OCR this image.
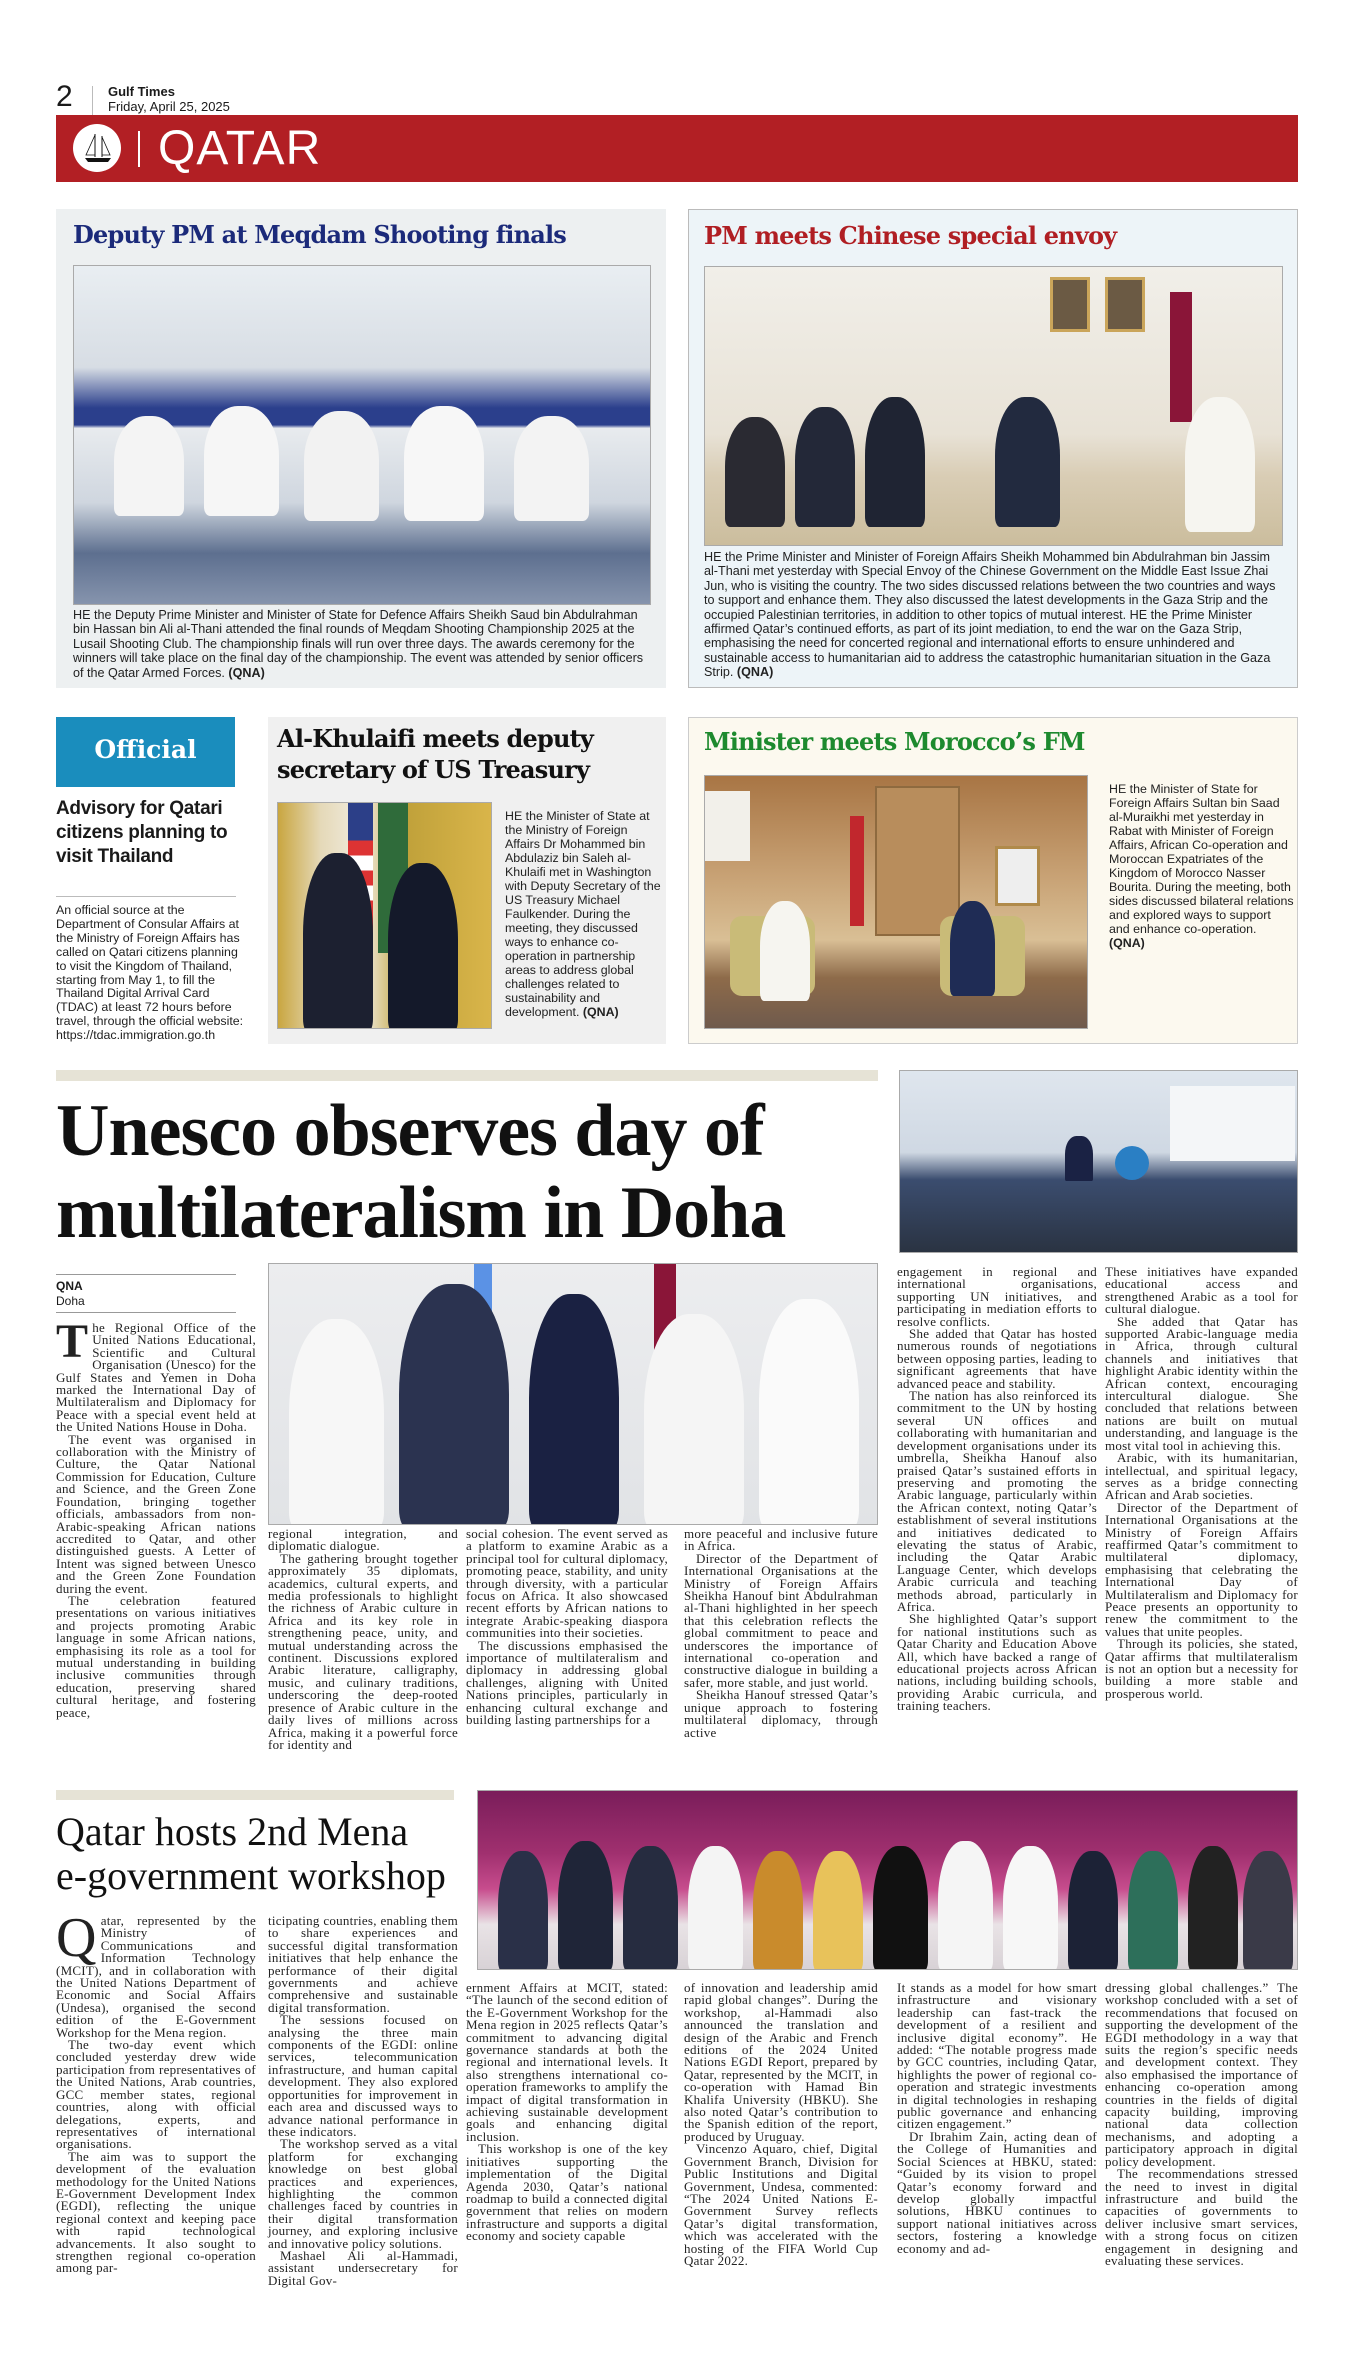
2	Gulf Times
Friday, April 25, 2025
QATAR
Deputy PM at Meqdam Shooting finals
HE the Deputy Prime Minister and Minister of State for Defence Affairs Sheikh Saud bin Abdulrahman bin Hassan bin Ali al-Thani attended the final rounds of Meqdam Shooting Championship 2025 at the Lusail Shooting Club. The championship finals will run over three days. The awards ceremony for the winners will take place on the final day of the championship. The event was attended by senior officers of the Qatar Armed Forces. (QNA)
PM meets Chinese special envoy
HE the Prime Minister and Minister of Foreign Affairs Sheikh Mohammed bin Abdulrahman bin Jassim al-Thani met yesterday with Special Envoy of the Chinese Government on the Middle East Issue Zhai Jun, who is visiting the country. The two sides discussed relations between the two countries and ways to support and enhance them. They also discussed the latest developments in the Gaza Strip and the occupied Palestinian territories, in addition to other topics of mutual interest. HE the Prime Minister affirmed Qatar’s continued efforts, as part of its joint mediation, to end the war on the Gaza Strip, emphasising the need for concerted regional and international efforts to ensure unhindered and sustainable access to humanitarian aid to address the catastrophic humanitarian situation in the Gaza Strip. (QNA)
Official
Advisory for Qatari citizens planning to visit Thailand
An official source at the Department of Consular Affairs at the Ministry of Foreign Affairs has called on Qatari citizens planning to visit the Kingdom of Thailand, starting from May 1, to fill the Thailand Digital Arrival Card (TDAC) at least 72 hours before travel, through the official website: https://tdac.immigration.go.th
Al-Khulaifi meets deputy secretary of US Treasury
HE the Minister of State at the Ministry of Foreign Affairs Dr Mohammed bin Abdulaziz bin Saleh al-Khulaifi met in Washington with Deputy Secretary of the US Treasury Michael Faulkender. During the meeting, they discussed ways to enhance co-operation in partnership areas to address global challenges related to sustainability and development. (QNA)
Minister meets Morocco’s FM
HE the Minister of State for Foreign Affairs Sultan bin Saad al-Muraikhi met yesterday in Rabat with Minister of Foreign Affairs, African Co-operation and Moroccan Expatriates of the Kingdom of Morocco Nasser Bourita. During the meeting, both sides discussed bilateral relations and explored ways to support and enhance co-operation. (QNA)
Unesco observes day of
multilateralism in Doha
QNA
Doha
T he Regional Office of the United Nations Educational, Scientific and Cultural Organisation (Unesco) for the Gulf States and Yemen in Doha marked the International Day of Multilateralism and Diplomacy for Peace with a special event held at the United Nations House in Doha.

The event was organised in collaboration with the Ministry of Culture, the Qatar National Commission for Education, Culture and Science, and the Green Zone Foundation, bringing together officials, ambassadors from non-Arabic-speaking African nations accredited to Qatar, and other distinguished guests. A Letter of Intent was signed between Unesco and the Green Zone Foundation during the event.

The celebration featured presentations on various initiatives and projects promoting Arabic language in some African nations, emphasising its role as a tool for mutual understanding in building inclusive communities through education, preserving shared cultural heritage, and fostering peace,

regional integration, and diplomatic dialogue.

The gathering brought together approximately 35 diplomats, academics, cultural experts, and media professionals to highlight the richness of Arabic culture in Africa and its key role in strengthening peace, unity, and mutual understanding across the continent. Discussions explored Arabic literature, calligraphy, music, and culinary traditions, underscoring the deep-rooted presence of Arabic culture in the daily lives of millions across Africa, making it a powerful force for identity and

social cohesion. The event served as a platform to examine Arabic as a principal tool for cultural diplomacy, promoting peace, stability, and unity through diversity, with a particular focus on Africa. It also showcased recent efforts by African nations to integrate Arabic-speaking diaspora communities into their societies.

The discussions emphasised the importance of multilateralism and diplomacy in addressing global challenges, aligning with United Nations principles, particularly in enhancing cultural exchange and building lasting partnerships for a

more peaceful and inclusive future in Africa.

Director of the Department of International Organisations at the Ministry of Foreign Affairs Sheikha Hanouf bint Abdulrahman al-Thani highlighted in her speech that this celebration reflects the global commitment to peace and underscores the importance of international co-operation and constructive dialogue in building a safer, more stable, and just world.

Sheikha Hanouf stressed Qatar’s unique approach to fostering multilateral diplomacy, through active

engagement in regional and international organisations, supporting UN initiatives, and participating in mediation efforts to resolve conflicts.

She added that Qatar has hosted numerous rounds of negotiations between opposing parties, leading to significant agreements that have advanced peace and stability.

The nation has also reinforced its commitment to the UN by hosting several UN offices and collaborating with humanitarian and development organisations under its umbrella, Sheikha Hanouf also praised Qatar’s sustained efforts in preserving and promoting the Arabic language, particularly within the African context, noting Qatar’s establishment of several institutions and initiatives dedicated to elevating the status of Arabic, including the Qatar Arabic Language Center, which develops Arabic curricula and teaching methods abroad, particularly in Africa.

She highlighted Qatar’s support for national institutions such as Qatar Charity and Education Above All, which have backed a range of educational projects across African nations, including building schools, providing Arabic curricula, and training teachers.

These initiatives have expanded educational access and strengthened Arabic as a tool for cultural dialogue.

She added that Qatar has supported Arabic-language media in Africa, through cultural channels and initiatives that highlight Arabic identity within the African context, encouraging intercultural dialogue. She concluded that relations between nations are built on mutual understanding, and language is the most vital tool in achieving this.

Arabic, with its humanitarian, intellectual, and spiritual legacy, serves as a bridge connecting African and Arab societies.

Director of the Department of International Organisations at the Ministry of Foreign Affairs reaffirmed Qatar’s commitment to multilateral diplomacy, emphasising that celebrating the International Day of Multilateralism and Diplomacy for Peace presents an opportunity to renew the commitment to the values that unite peoples.

Through its policies, she stated, Qatar affirms that multilateralism is not an option but a necessity for building a more stable and prosperous world.

Qatar hosts 2nd Mena
e-government workshop
Q atar, represented by the Ministry of Communications and Information Technology (MCIT), and in collaboration with the United Nations Department of Economic and Social Affairs (Undesa), organised the second edition of the E-Government Workshop for the Mena region.

The two-day event which concluded yesterday drew wide participation from representatives of the United Nations, Arab countries, GCC member states, regional countries, along with official delegations, experts, and representatives of international organisations.

The aim was to support the development of the evaluation methodology for the United Nations E-Government Development Index (EGDI), reflecting the unique regional context and keeping pace with rapid technological advancements. It also sought to strengthen regional co-operation among par-

ticipating countries, enabling them to share experiences and successful digital transformation initiatives that help enhance the performance of their digital governments and achieve comprehensive and sustainable digital transformation.

The sessions focused on analysing the three main components of the EGDI: online services, telecommunication infrastructure, and human capital development. They also explored opportunities for improvement in each area and discussed ways to advance national performance in these indicators.

The workshop served as a vital platform for exchanging knowledge on best global practices and experiences, highlighting the common challenges faced by countries in their digital transformation journey, and exploring inclusive and innovative policy solutions.

Mashael Ali al-Hammadi, assistant undersecretary for Digital Gov-

ernment Affairs at MCIT, stated: “The launch of the second edition of the E-Government Workshop for the Mena region in 2025 reflects Qatar’s commitment to advancing digital governance standards at both the regional and international levels. It also strengthens international co-operation frameworks to amplify the impact of digital transformation in achieving sustainable development goals and enhancing digital inclusion.

This workshop is one of the key initiatives supporting the implementation of the Digital Agenda 2030, Qatar’s national roadmap to build a connected digital government that relies on modern infrastructure and supports a digital economy and society capable

of innovation and leadership amid rapid global changes”. During the workshop, al-Hammadi also announced the translation and design of the Arabic and French editions of the 2024 United Nations EGDI Report, prepared by Qatar, represented by the MCIT, in co-operation with Hamad Bin Khalifa University (HBKU). She also noted Qatar’s contribution to the Spanish edition of the report, produced by Uruguay.

Vincenzo Aquaro, chief, Digital Government Branch, Division for Public Institutions and Digital Government, Undesa, commented: “The 2024 United Nations E-Government Survey reflects Qatar’s digital transformation, which was accelerated with the hosting of the FIFA World Cup Qatar 2022.

It stands as a model for how smart infrastructure and visionary leadership can fast-track the development of a resilient and inclusive digital economy”. He added: “The notable progress made by GCC countries, including Qatar, highlights the power of regional co-operation and strategic investments in digital technologies in reshaping public governance and enhancing citizen engagement.”

Dr Ibrahim Zain, acting dean of the College of Humanities and Social Sciences at HBKU, stated: “Guided by its vision to propel Qatar’s economy forward and develop globally impactful solutions, HBKU continues to support national initiatives across sectors, fostering a knowledge economy and ad-

dressing global challenges.” The workshop concluded with a set of recommendations that focused on supporting the development of the EGDI methodology in a way that suits the region’s specific needs and development context. They also emphasised the importance of enhancing co-operation among countries in the fields of digital capacity building, improving national data collection mechanisms, and adopting a participatory approach in digital policy development.

The recommendations stressed the need to invest in digital infrastructure and build the capacities of governments to deliver inclusive smart services, with a strong focus on citizen engagement in designing and evaluating these services.
